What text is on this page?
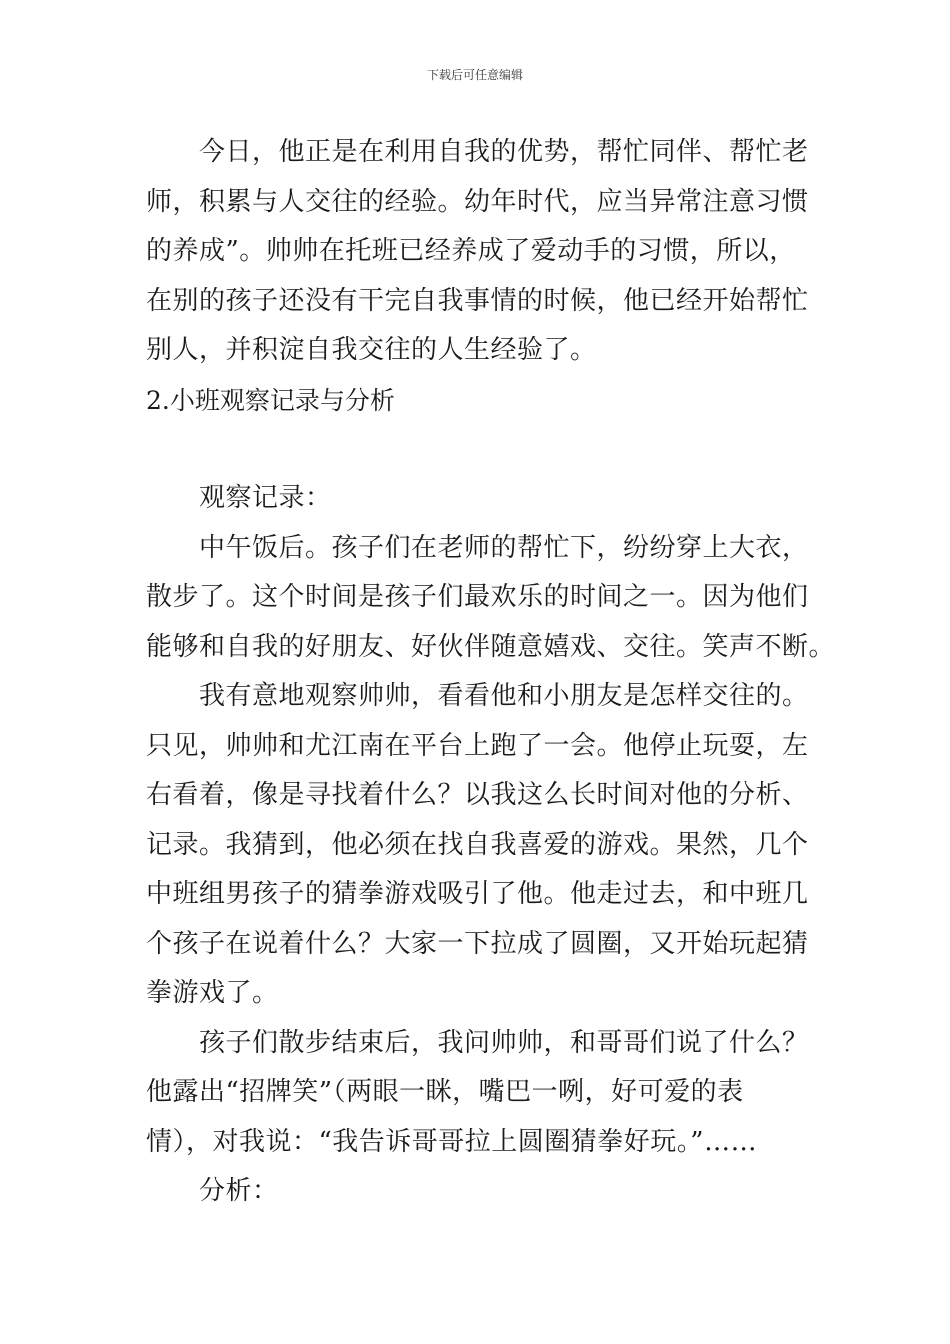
下载后可任意编辑
今日，他正是在利用自我的优势，帮忙同伴、帮忙老
师，积累与人交往的经验。幼年时代，应当异常注意习惯
的养成”。帅帅在托班已经养成了爱动手的习惯，所以，
在别的孩子还没有干完自我事情的时候，他已经开始帮忙
别人，并积淀自我交往的人生经验了。
2.小班观察记录与分析
观察记录：
中午饭后。孩子们在老师的帮忙下，纷纷穿上大衣，
散步了。这个时间是孩子们最欢乐的时间之一。因为他们
能够和自我的好朋友、好伙伴随意嬉戏、交往。笑声不断。
我有意地观察帅帅，看看他和小朋友是怎样交往的。
只见，帅帅和尤江南在平台上跑了一会。他停止玩耍，左
右看着，像是寻找着什么？以我这么长时间对他的分析、
记录。我猜到，他必须在找自我喜爱的游戏。果然，几个
中班组男孩子的猜拳游戏吸引了他。他走过去，和中班几
个孩子在说着什么？大家一下拉成了圆圈，又开始玩起猜
拳游戏了。
孩子们散步结束后，我问帅帅，和哥哥们说了什么？
他露出“招牌笑”（两眼一眯，嘴巴一咧，好可爱的表
情），对我说：“我告诉哥哥拉上圆圈猜拳好玩。”……
分析：
